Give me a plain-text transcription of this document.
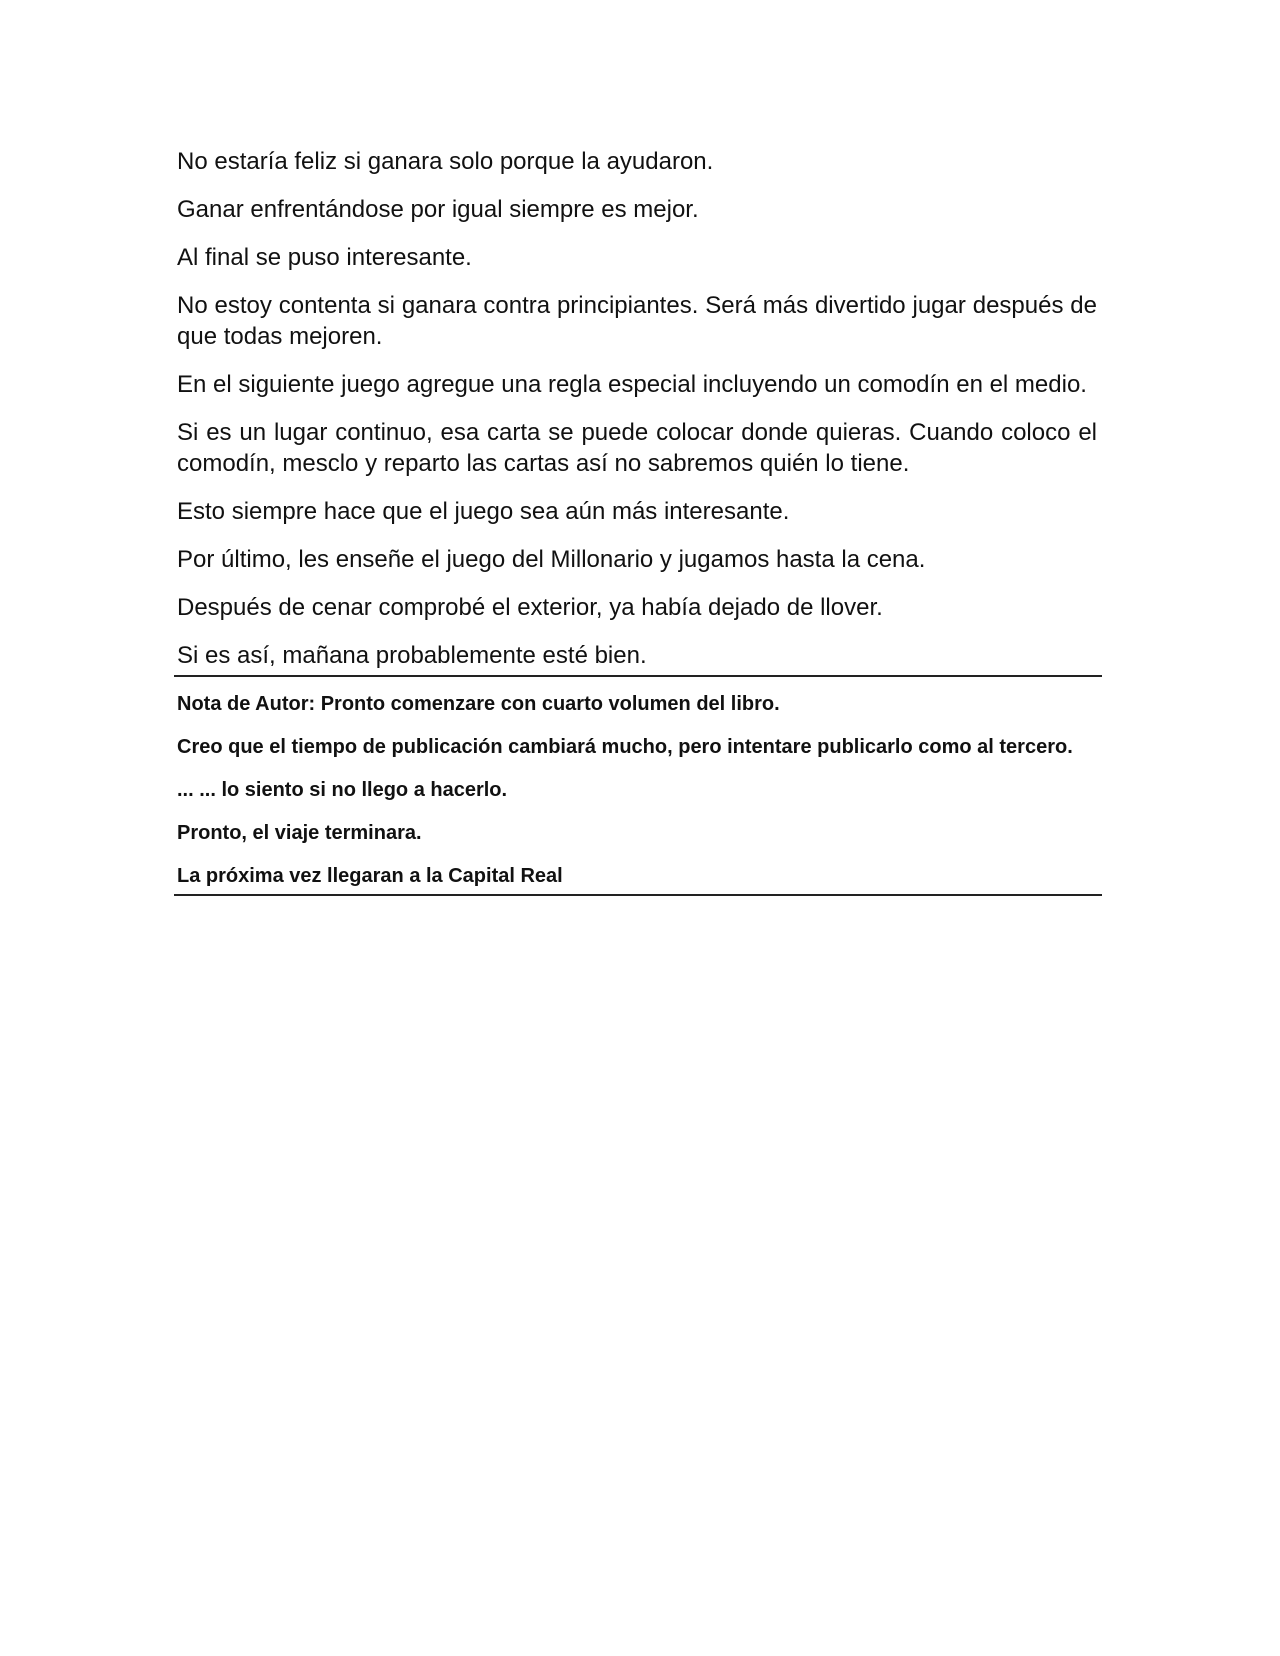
No estaría feliz si ganara solo porque la ayudaron.

Ganar enfrentándose por igual siempre es mejor.

Al final se puso interesante.

No estoy contenta si ganara contra principiantes. Será más divertido jugar después de que todas mejoren.

En el siguiente juego agregue una regla especial incluyendo un comodín en el medio.

Si es un lugar continuo, esa carta se puede colocar donde quieras. Cuando coloco el comodín, mesclo y reparto las cartas así no sabremos quién lo tiene.

Esto siempre hace que el juego sea aún más interesante.

Por último, les enseñe el juego del Millonario y jugamos hasta la cena.

Después de cenar comprobé el exterior, ya había dejado de llover.

Si es así, mañana probablemente esté bien.

Nota de Autor: Pronto comenzare con cuarto volumen del libro.

Creo que el tiempo de publicación cambiará mucho, pero intentare publicarlo como al tercero.

... ... lo siento si no llego a hacerlo.

Pronto, el viaje terminara.

La próxima vez llegaran a la Capital Real
